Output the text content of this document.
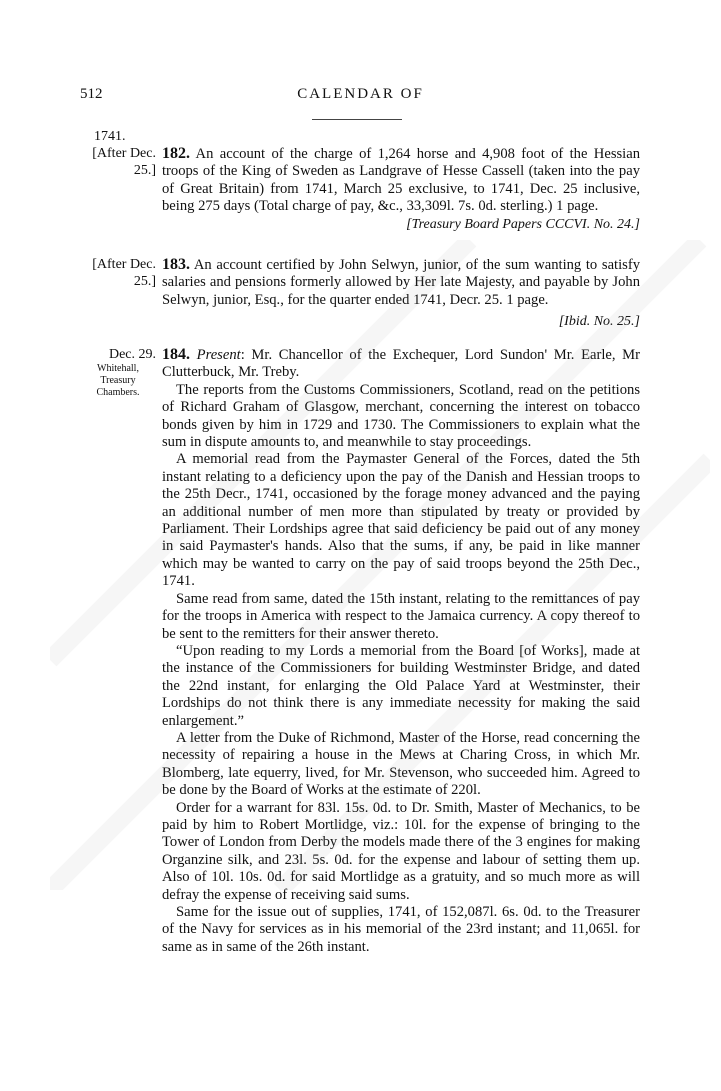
512	CALENDAR OF
1741.
[After Dec. 25.]

182. An account of the charge of 1,264 horse and 4,908 foot of the Hessian troops of the King of Sweden as Landgrave of Hesse Cassell (taken into the pay of Great Britain) from 1741, March 25 exclusive, to 1741, Dec. 25 inclusive, being 275 days (Total charge of pay, &c., 33,309l. 7s. 0d. sterling.) 1 page.

[Treasury Board Papers CCCVI. No. 24.]
[After Dec. 25.]

183. An account certified by John Selwyn, junior, of the sum wanting to satisfy salaries and pensions formerly allowed by Her late Majesty, and payable by John Selwyn, junior, Esq., for the quarter ended 1741, Decr. 25. 1 page.

[Ibid. No. 25.]
Dec. 29.
Whitehall, Treasury Chambers.

184. Present: Mr. Chancellor of the Exchequer, Lord Sundon' Mr. Earle, Mr Clutterbuck, Mr. Treby.

The reports from the Customs Commissioners, Scotland, read on the petitions of Richard Graham of Glasgow, merchant, concerning the interest on tobacco bonds given by him in 1729 and 1730. The Commissioners to explain what the sum in dispute amounts to, and meanwhile to stay proceedings.

A memorial read from the Paymaster General of the Forces, dated the 5th instant relating to a deficiency upon the pay of the Danish and Hessian troops to the 25th Decr., 1741, occasioned by the forage money advanced and the paying an additional number of men more than stipulated by treaty or provided by Parliament. Their Lordships agree that said deficiency be paid out of any money in said Paymaster's hands. Also that the sums, if any, be paid in like manner which may be wanted to carry on the pay of said troops beyond the 25th Dec., 1741.

Same read from same, dated the 15th instant, relating to the remittances of pay for the troops in America with respect to the Jamaica currency. A copy thereof to be sent to the remitters for their answer thereto.

“Upon reading to my Lords a memorial from the Board [of Works], made at the instance of the Commissioners for building Westminster Bridge, and dated the 22nd instant, for enlarging the Old Palace Yard at Westminster, their Lordships do not think there is any immediate necessity for making the said enlargement.”

A letter from the Duke of Richmond, Master of the Horse, read concerning the necessity of repairing a house in the Mews at Charing Cross, in which Mr. Blomberg, late equerry, lived, for Mr. Stevenson, who succeeded him. Agreed to be done by the Board of Works at the estimate of 220l.

Order for a warrant for 83l. 15s. 0d. to Dr. Smith, Master of Mechanics, to be paid by him to Robert Mortlidge, viz.: 10l. for the expense of bringing to the Tower of London from Derby the models made there of the 3 engines for making Organzine silk, and 23l. 5s. 0d. for the expense and labour of setting them up. Also of 10l. 10s. 0d. for said Mortlidge as a gratuity, and so much more as will defray the expense of receiving said sums.

Same for the issue out of supplies, 1741, of 152,087l. 6s. 0d. to the Treasurer of the Navy for services as in his memorial of the 23rd instant; and 11,065l. for same as in same of the 26th instant.
